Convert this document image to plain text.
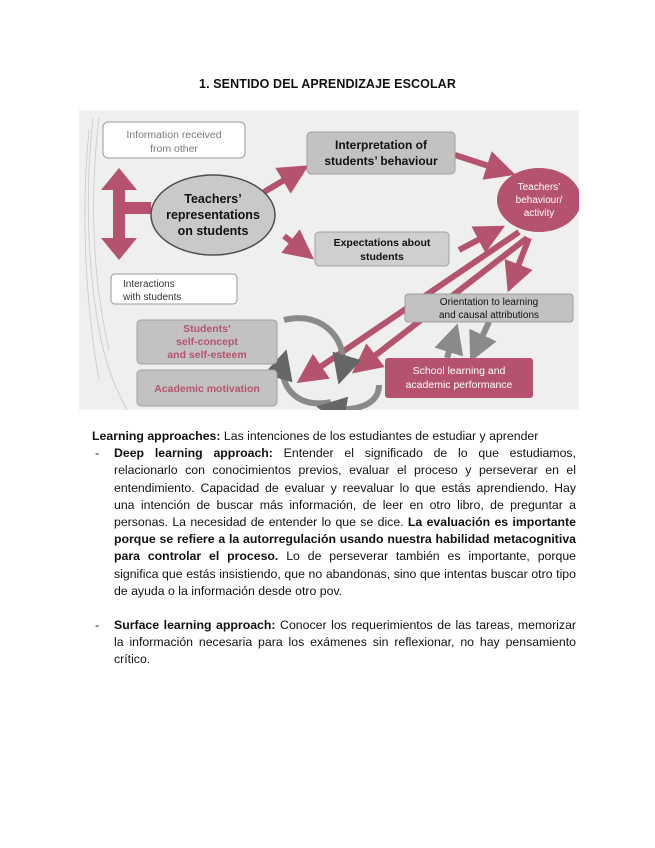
1. SENTIDO DEL APRENDIZAJE ESCOLAR
Information received
from other	Interpretation of
students’ behaviour
Teachers’
representations
on students
Teachers’
behaviour/
activity
Expectations about
students
Interactions
with students	Orientation to learning
and causal attributions
Students’
self-concept
and self-esteem
Academic motivation
School learning and
academic performance

Learning approaches: Las intenciones de los estudiantes de estudiar y aprender

- Deep learning approach: Entender el significado de lo que estudiamos, relacionarlo con conocimientos previos, evaluar el proceso y perseverar en el entendimiento. Capacidad de evaluar y reevaluar lo que estás aprendiendo. Hay una intención de buscar más información, de leer en otro libro, de preguntar a personas. La necesidad de entender lo que se dice. La evaluación es importante porque se refiere a la autorregulación usando nuestra habilidad metacognitiva para controlar el proceso. Lo de perseverar también es importante, porque significa que estás insistiendo, que no abandonas, sino que intentas buscar otro tipo de ayuda o la información desde otro pov.

- Surface learning approach: Conocer los requerimientos de las tareas, memorizar la información necesaria para los exámenes sin reflexionar, no hay pensamiento crítico.
